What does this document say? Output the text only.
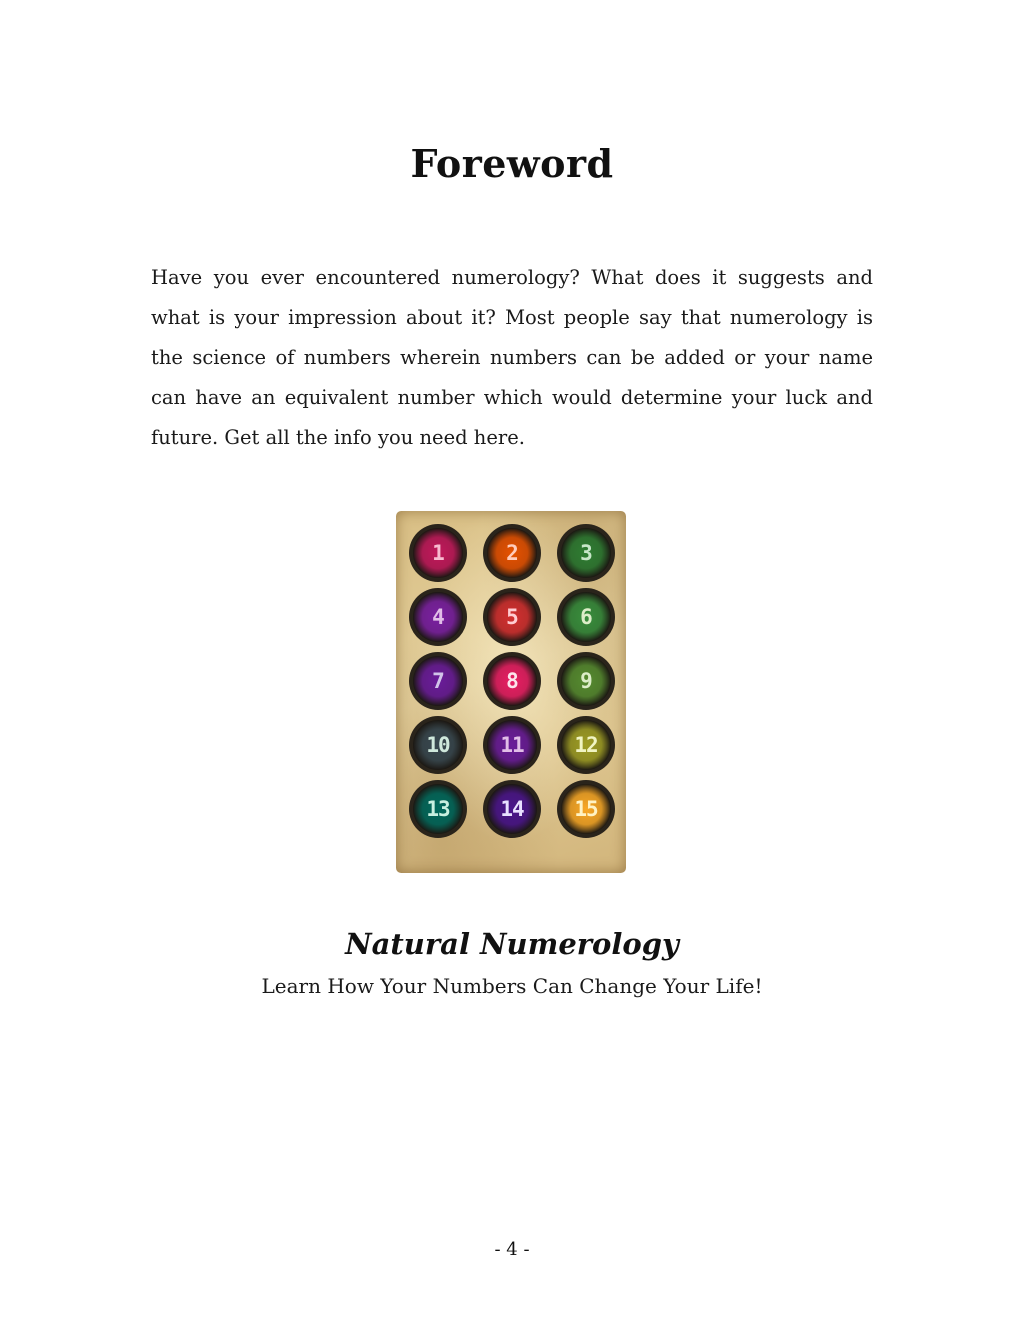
Foreword

Have you ever encountered numerology? What does it suggests and what is your impression about it? Most people say that numerology is the science of numbers wherein numbers can be added or your name can have an equivalent number which would determine your luck and future. Get all the info you need here.

1	2	3
4	5	6
7	8	9
10 11 12
13 14 15

Natural Numerology

Learn How Your Numbers Can Change Your Life!

- 4 -
